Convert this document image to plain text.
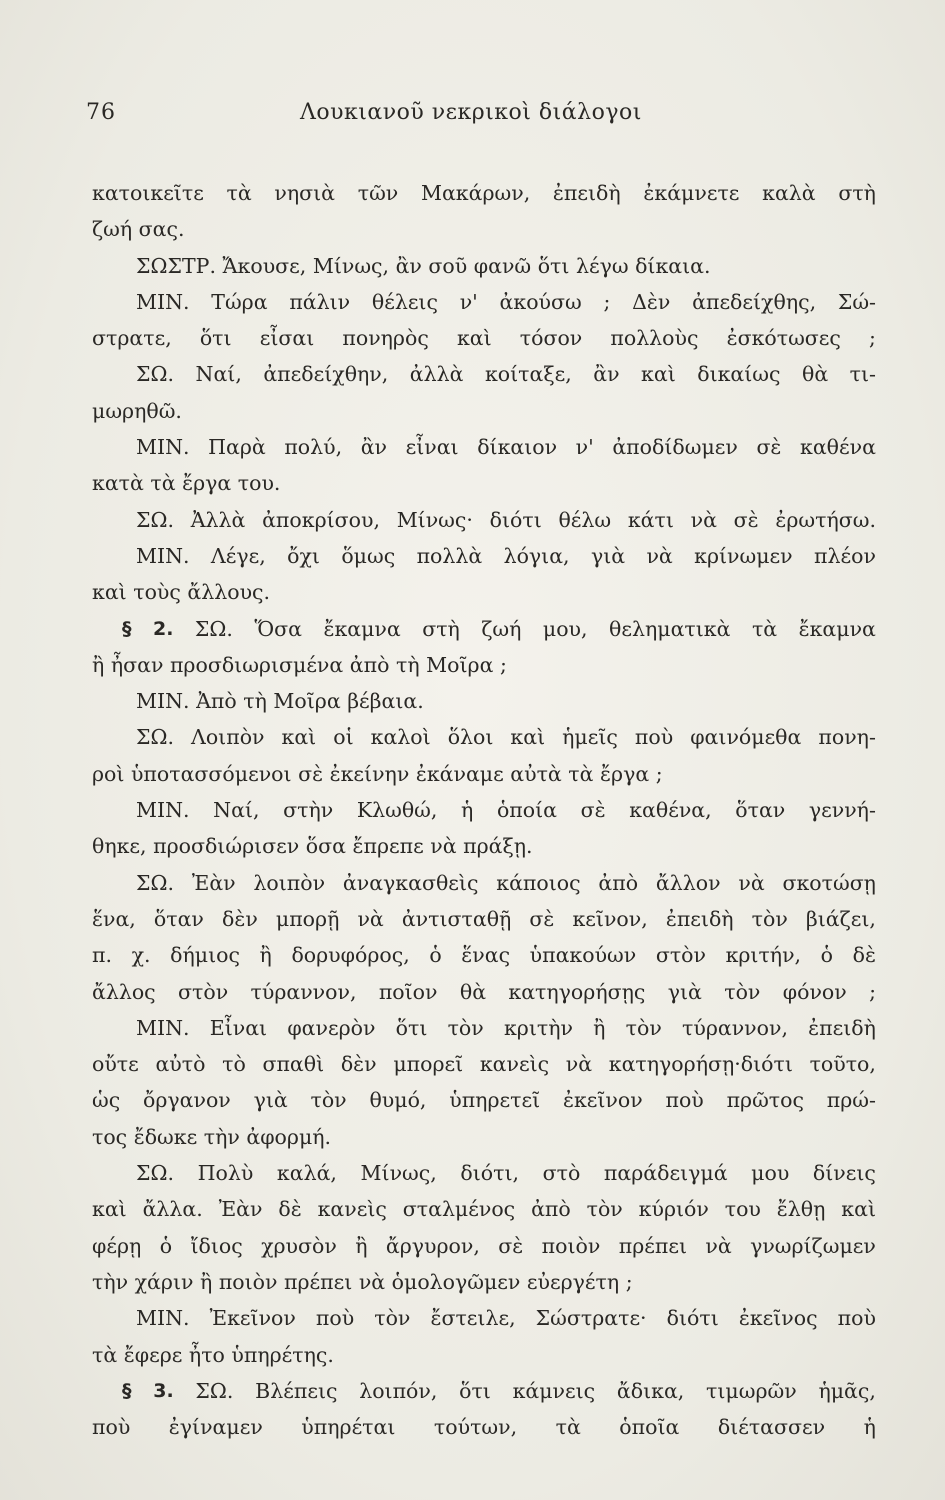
76	Λουκιανοῦ νεκρικοὶ διάλογοι
κατοικεῖτε τὰ νησιὰ τῶν Μακάρων, ἐπειδὴ ἐκάμνετε καλὰ στὴ
ζωή
σας.
ΣΩΣΤΡ.
Ἄκουσε,
Μίνως,
ἂν
σοῦ
φανῶ
ὅτι
λέγω
δίκαια.
ΜΙΝ. Τώρα πάλιν θέλεις ν' ἀκούσω ; Δὲν ἀπεδείχθης, Σώ-
στρατε, ὅτι εἶσαι πονηρὸς καὶ τόσον πολλοὺς ἐσκότωσες ;
ΣΩ. Ναί, ἀπεδείχθην, ἀλλὰ κοίταξε, ἂν καὶ δικαίως θὰ τι-
μωρηθῶ.
ΜΙΝ. Παρὰ πολύ, ἂν εἶναι δίκαιον ν' ἀποδίδωμεν σὲ καθένα
κατὰ
τὰ
ἔργα
του.
ΣΩ. Ἀλλὰ ἀποκρίσου, Μίνως· διότι θέλω κάτι νὰ σὲ ἐρωτήσω.
ΜΙΝ. Λέγε, ὄχι ὅμως πολλὰ λόγια, γιὰ νὰ κρίνωμεν πλέον
καὶ
τοὺς
ἄλλους.
§ 2. ΣΩ. Ὅσα ἔκαμνα στὴ ζωή μου, θεληματικὰ τὰ ἔκαμνα
ἢ
ἦσαν
προσδιωρισμένα
ἀπὸ
τὴ
Μοῖρα
;
ΜΙΝ.
Ἀπὸ
τὴ
Μοῖρα
βέβαια.
ΣΩ. Λοιπὸν καὶ οἱ καλοὶ ὅλοι καὶ ἡμεῖς ποὺ φαινόμεθα πονη-
ροὶ
ὑποτασσόμενοι
σὲ
ἐκείνην
ἐκάναμε
αὐτὰ
τὰ
ἔργα
;
ΜΙΝ. Ναί, στὴν Κλωθώ, ἡ ὁποία σὲ καθένα, ὅταν γεννή-
θηκε,
προσδιώρισεν
ὅσα
ἔπρεπε
νὰ
πράξῃ.
ΣΩ. Ἐὰν λοιπὸν ἀναγκασθεὶς κάποιος ἀπὸ ἄλλον νὰ σκοτώσῃ
ἕνα, ὅταν δὲν μπορῇ νὰ ἀντισταθῇ σὲ κεῖνον, ἐπειδὴ τὸν βιάζει,
π. χ. δήμιος ἢ δορυφόρος, ὁ ἕνας ὑπακούων στὸν κριτήν, ὁ δὲ
ἄλλος στὸν τύραννον, ποῖον θὰ κατηγορήσῃς γιὰ τὸν φόνον ;
ΜΙΝ. Εἶναι φανερὸν ὅτι τὸν κριτὴν ἢ τὸν τύραννον, ἐπειδὴ
οὔτε αὐτὸ τὸ σπαθὶ δὲν μπορεῖ κανεὶς νὰ κατηγορήσῃ·διότι τοῦτο,
ὡς ὄργανον γιὰ τὸν θυμό, ὑπηρετεῖ ἐκεῖνον ποὺ πρῶτος πρώ-
τος
ἔδωκε
τὴν
ἀφορμή.
ΣΩ. Πολὺ καλά, Μίνως, διότι, στὸ παράδειγμά μου δίνεις
καὶ ἄλλα. Ἐὰν δὲ κανεὶς σταλμένος ἀπὸ τὸν κύριόν του ἔλθῃ καὶ
φέρῃ ὁ ἴδιος χρυσὸν ἢ ἄργυρον, σὲ ποιὸν πρέπει νὰ γνωρίζωμεν
τὴν
χάριν
ἢ
ποιὸν
πρέπει
νὰ
ὁμολογῶμεν
εὐεργέτη
;
ΜΙΝ. Ἐκεῖνον ποὺ τὸν ἔστειλε, Σώστρατε· διότι ἐκεῖνος ποὺ
τὰ
ἔφερε
ἦτο
ὑπηρέτης.
§ 3. ΣΩ. Βλέπεις λοιπόν, ὅτι κάμνεις ἄδικα, τιμωρῶν ἡμᾶς,
ποὺ ἐγίναμεν ὑπηρέται τούτων, τὰ ὁποῖα διέτασσεν ἡ
